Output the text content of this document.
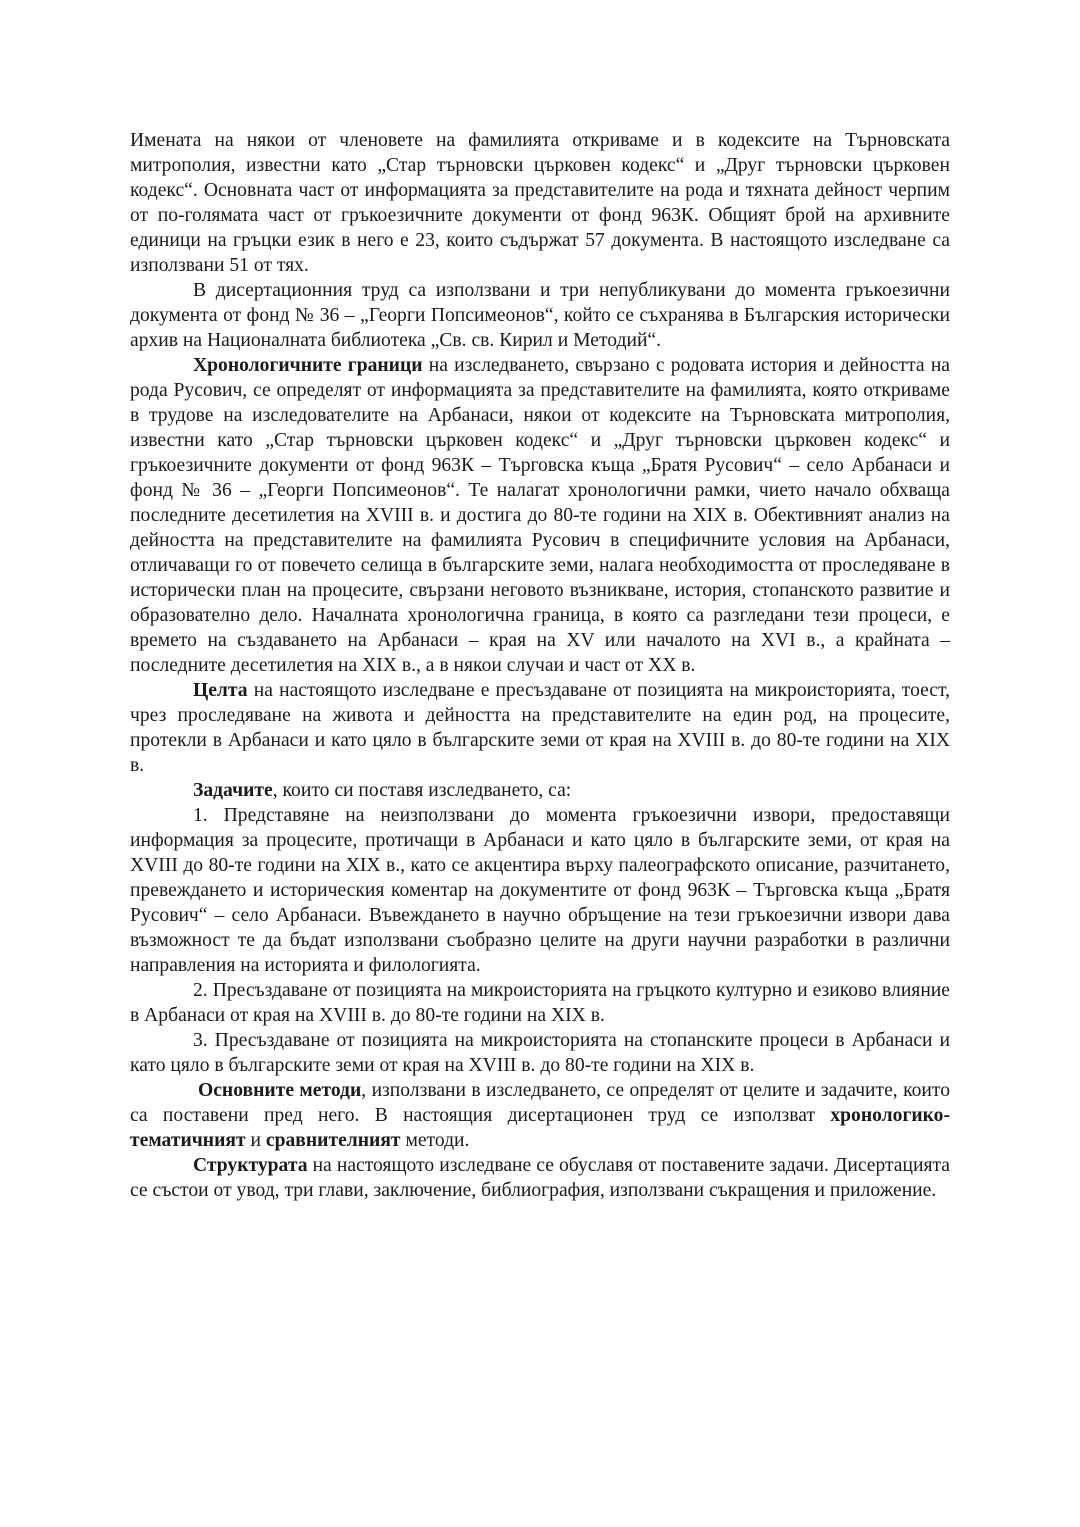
Имената на някои от членовете на фамилията откриваме и в кодексите на Търновската митрополия, известни като „Стар търновски църковен кодекс“ и „Друг търновски църковен кодекс“. Основната част от информацията за представителите на рода и тяхната дейност черпим от по-голямата част от гръкоезичните документи от фонд 963К. Общият брой на архивните единици на гръцки език в него е 23, които съдържат 57 документа. В настоящото изследване са използвани 51 от тях.

В дисертационния труд са използвани и три непубликувани до момента гръкоезични документа от фонд № 36 – „Георги Попсимеонов“, който се съхранява в Българския исторически архив на Националната библиотека „Св. св. Кирил и Методий“.

Хронологичните граници на изследването, свързано с родовата история и дейността на рода Русович, се определят от информацията за представителите на фамилията, която откриваме в трудове на изследователите на Арбанаси, някои от кодексите на Търновската митрополия, известни като „Стар търновски църковен кодекс“ и „Друг търновски църковен кодекс“ и гръкоезичните документи от фонд 963К – Търговска къща „Братя Русович“ – село Арбанаси и фонд № 36 – „Георги Попсимеонов“. Те налагат хронологични рамки, чието начало обхваща последните десетилетия на XVIII в. и достига до 80-те години на XIX в. Обективният анализ на дейността на представителите на фамилията Русович в специфичните условия на Арбанаси, отличаващи го от повечето селища в българските земи, налага необходимостта от проследяване в исторически план на процесите, свързани неговото възникване, история, стопанското развитие и образователно дело. Началната хронологична граница, в която са разгледани тези процеси, е времето на създаването на Арбанаси – края на XV или началото на XVI в., а крайната – последните десетилетия на XIX в., а в някои случаи и част от XX в.

Целта на настоящото изследване е пресъздаване от позицията на микроисторията, тоест, чрез проследяване на живота и дейността на представителите на един род, на процесите, протекли в Арбанаси и като цяло в българските земи от края на XVIII в. до 80-те години на XIX в.

Задачите, които си поставя изследването, са:

1. Представяне на неизползвани до момента гръкоезични извори, предоставящи информация за процесите, протичащи в Арбанаси и като цяло в българските земи, от края на XVIII до 80-те години на XIX в., като се акцентира върху палеографското описание, разчитането, превеждането и историческия коментар на документите от фонд 963К – Търговска къща „Братя Русович“ – село Арбанаси. Въвеждането в научно обръщение на тези гръкоезични извори дава възможност те да бъдат използвани съобразно целите на други научни разработки в различни направления на историята и филологията.

2. Пресъздаване от позицията на микроисторията на гръцкото културно и езиково влияние в Арбанаси от края на XVIII в. до 80-те години на XIX в.

3. Пресъздаване от позицията на микроисторията на стопанските процеси в Арбанаси и като цяло в българските земи от края на XVIII в. до 80-те години на XIX в.

Основните методи, използвани в изследването, се определят от целите и задачите, които са поставени пред него. В настоящия дисертационен труд се използват хронологико-тематичният и сравнителният методи.

Структурата на настоящото изследване се обуславя от поставените задачи. Дисертацията се състои от увод, три глави, заключение, библиография, използвани съкращения и приложение.
